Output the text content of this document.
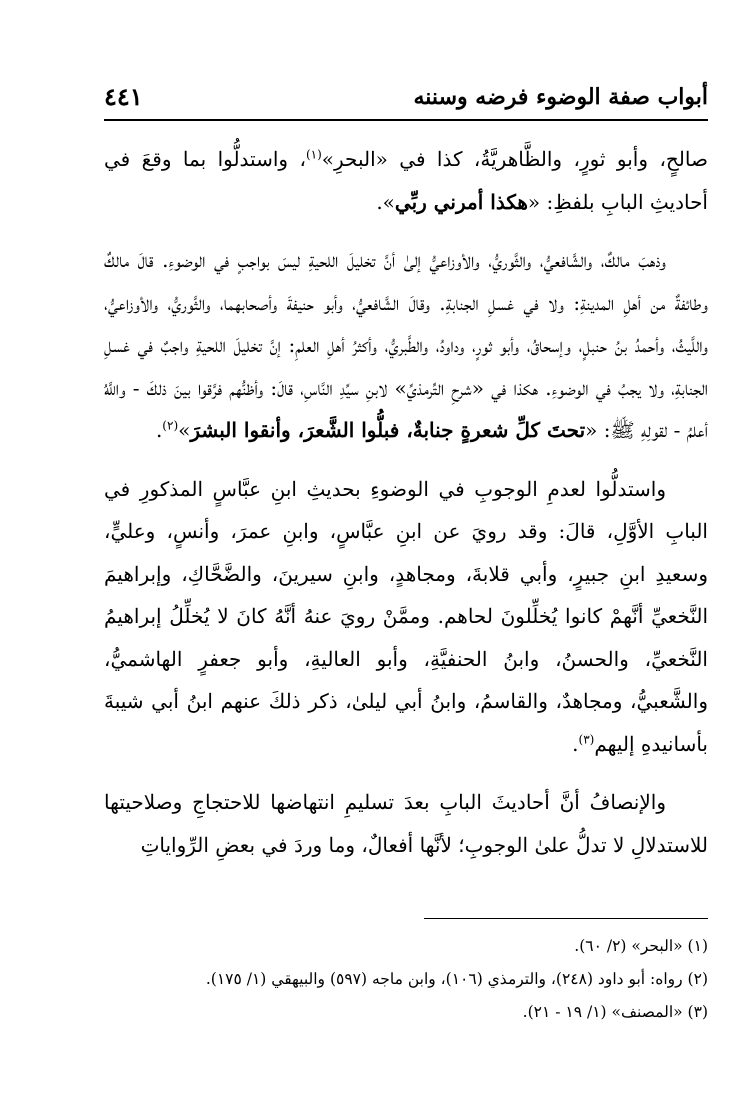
أبواب صفة الوضوء فرضه وسننه
٤٤١

صالحٍ، وأبو ثورٍ، والظَّاهريَّةُ، كذا في «البحرِ»$^{(١)}$، واستدلُّوا بما وقعَ في أحاديثِ البابِ بلفظِ: «هكذا أمرني ربِّي».

وذهبَ مالكٌ، والشَّافعيُّ، والثَّوريُّ، والأوزاعيُّ إلىٰ أنَّ تخليلَ اللحيةِ ليسَ بواجبٍ في الوضوءِ. قالَ مالكٌ وطائفةٌ من أهلِ المدينةِ: ولا في غسلِ الجنابةِ. وقالَ الشَّافعيُّ، وأبو حنيفةَ وأصحابهما، والثَّوريُّ، والأوزاعيُّ، واللَّيثُ، وأحمدُ بنُ حنبلٍ، وإسحاقُ، وأبو ثورٍ، وداودُ، والطَّبريُّ، وأكثرُ أهلِ العلمِ: إنَّ تخليلَ اللحيةِ واجبٌ في غسلِ الجنابةِ، ولا يجبُ في الوضوءِ. هكذا في «شرحِ التِّرمذيِّ» لابنِ سيِّدِ النَّاسِ، قالَ: وأظنُّهم فرَّقوا بينَ ذلكَ - واللَّهُ أعلمُ - لقولِهِ ﷺ: «تحتَ كلِّ شعرةٍ جنابةٌ، فبلُّوا الشَّعرَ، وأنقوا البشرَ»$^{(٢)}$.

واستدلُّوا لعدمِ الوجوبِ في الوضوءِ بحديثِ ابنِ عبَّاسٍ المذكورِ في البابِ الأوَّلِ، قالَ: وقد رويَ عن ابنِ عبَّاسٍ، وابنِ عمرَ، وأنسٍ، وعليٍّ، وسعيدِ ابنِ جبيرٍ، وأبي قلابةَ، ومجاهدٍ، وابنِ سيرينَ، والضَّحَّاكِ، وإبراهيمَ النَّخعيِّ أنَّهمْ كانوا يُخلِّلونَ لحاهم. وممَّنْ رويَ عنهُ أنَّهُ كانَ لا يُخلِّلُ إبراهيمُ النَّخعيِّ، والحسنُ، وابنُ الحنفيَّةِ، وأبو العاليةِ، وأبو جعفرٍ الهاشميُّ، والشَّعبيُّ، ومجاهدٌ، والقاسمُ، وابنُ أبي ليلىٰ، ذكر ذلكَ عنهم ابنُ أبي شيبةَ بأسانيدهِ إليهم$^{(٣)}$.

والإنصافُ أنَّ أحاديثَ البابِ بعدَ تسليمِ انتهاضها للاحتجاجِ وصلاحيتها للاستدلالِ لا تدلُّ علىٰ الوجوبِ؛ لأنَّها أفعالٌ، وما وردَ في بعضِ الرِّواياتِ

(١) «البحر» (٢/ ٦٠).

(٢) رواه: أبو داود (٢٤٨)، والترمذي (١٠٦)، وابن ماجه (٥٩٧) والبيهقي (١/ ١٧٥).

(٣) «المصنف» (١/ ١٩ - ٢١).
